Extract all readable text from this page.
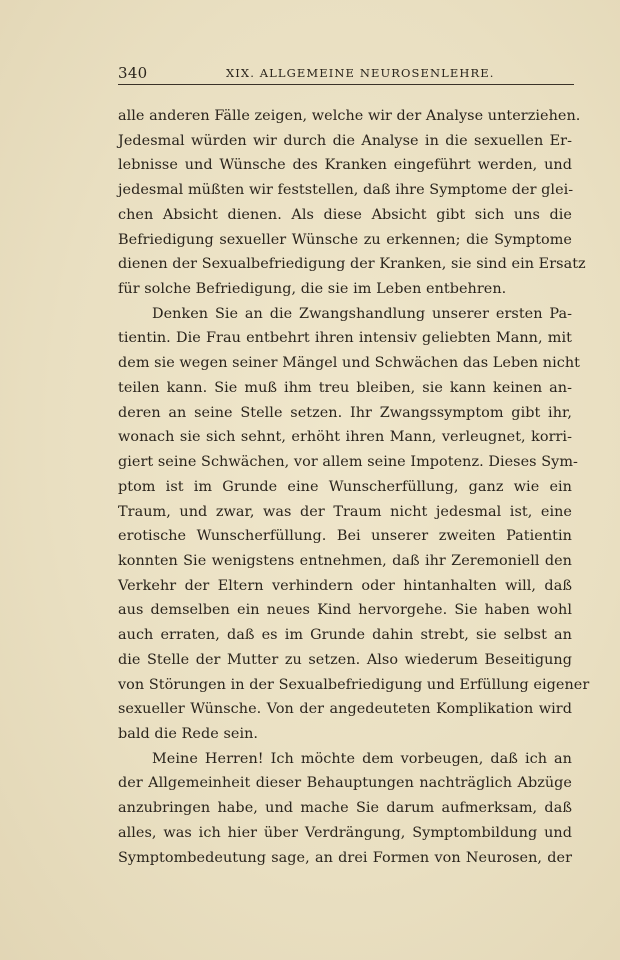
340	XIX. ALLGEMEINE NEUROSENLEHRE.
alle anderen Fälle zeigen, welche wir der Analyse unterziehen.
Jedesmal würden wir durch die Analyse in die sexuellen Er-
lebnisse und Wünsche des Kranken eingeführt werden, und
jedesmal müßten wir feststellen, daß ihre Symptome der glei-
chen Absicht dienen. Als diese Absicht gibt sich uns die
Befriedigung sexueller Wünsche zu erkennen; die Symptome
dienen der Sexualbefriedigung der Kranken, sie sind ein Ersatz
für solche Befriedigung, die sie im Leben entbehren.
Denken Sie an die Zwangshandlung unserer ersten Pa-
tientin. Die Frau entbehrt ihren intensiv geliebten Mann, mit
dem sie wegen seiner Mängel und Schwächen das Leben nicht
teilen kann. Sie muß ihm treu bleiben, sie kann keinen an-
deren an seine Stelle setzen. Ihr Zwangssymptom gibt ihr,
wonach sie sich sehnt, erhöht ihren Mann, verleugnet, korri-
giert seine Schwächen, vor allem seine Impotenz. Dieses Sym-
ptom ist im Grunde eine Wunscherfüllung, ganz wie ein
Traum, und zwar, was der Traum nicht jedesmal ist, eine
erotische Wunscherfüllung. Bei unserer zweiten Patientin
konnten Sie wenigstens entnehmen, daß ihr Zeremoniell den
Verkehr der Eltern verhindern oder hintanhalten will, daß
aus demselben ein neues Kind hervorgehe. Sie haben wohl
auch erraten, daß es im Grunde dahin strebt, sie selbst an
die Stelle der Mutter zu setzen. Also wiederum Beseitigung
von Störungen in der Sexualbefriedigung und Erfüllung eigener
sexueller Wünsche. Von der angedeuteten Komplikation wird
bald die Rede sein.
Meine Herren! Ich möchte dem vorbeugen, daß ich an
der Allgemeinheit dieser Behauptungen nachträglich Abzüge
anzubringen habe, und mache Sie darum aufmerksam, daß
alles, was ich hier über Verdrängung, Symptombildung und
Symptombedeutung sage, an drei Formen von Neurosen, der
